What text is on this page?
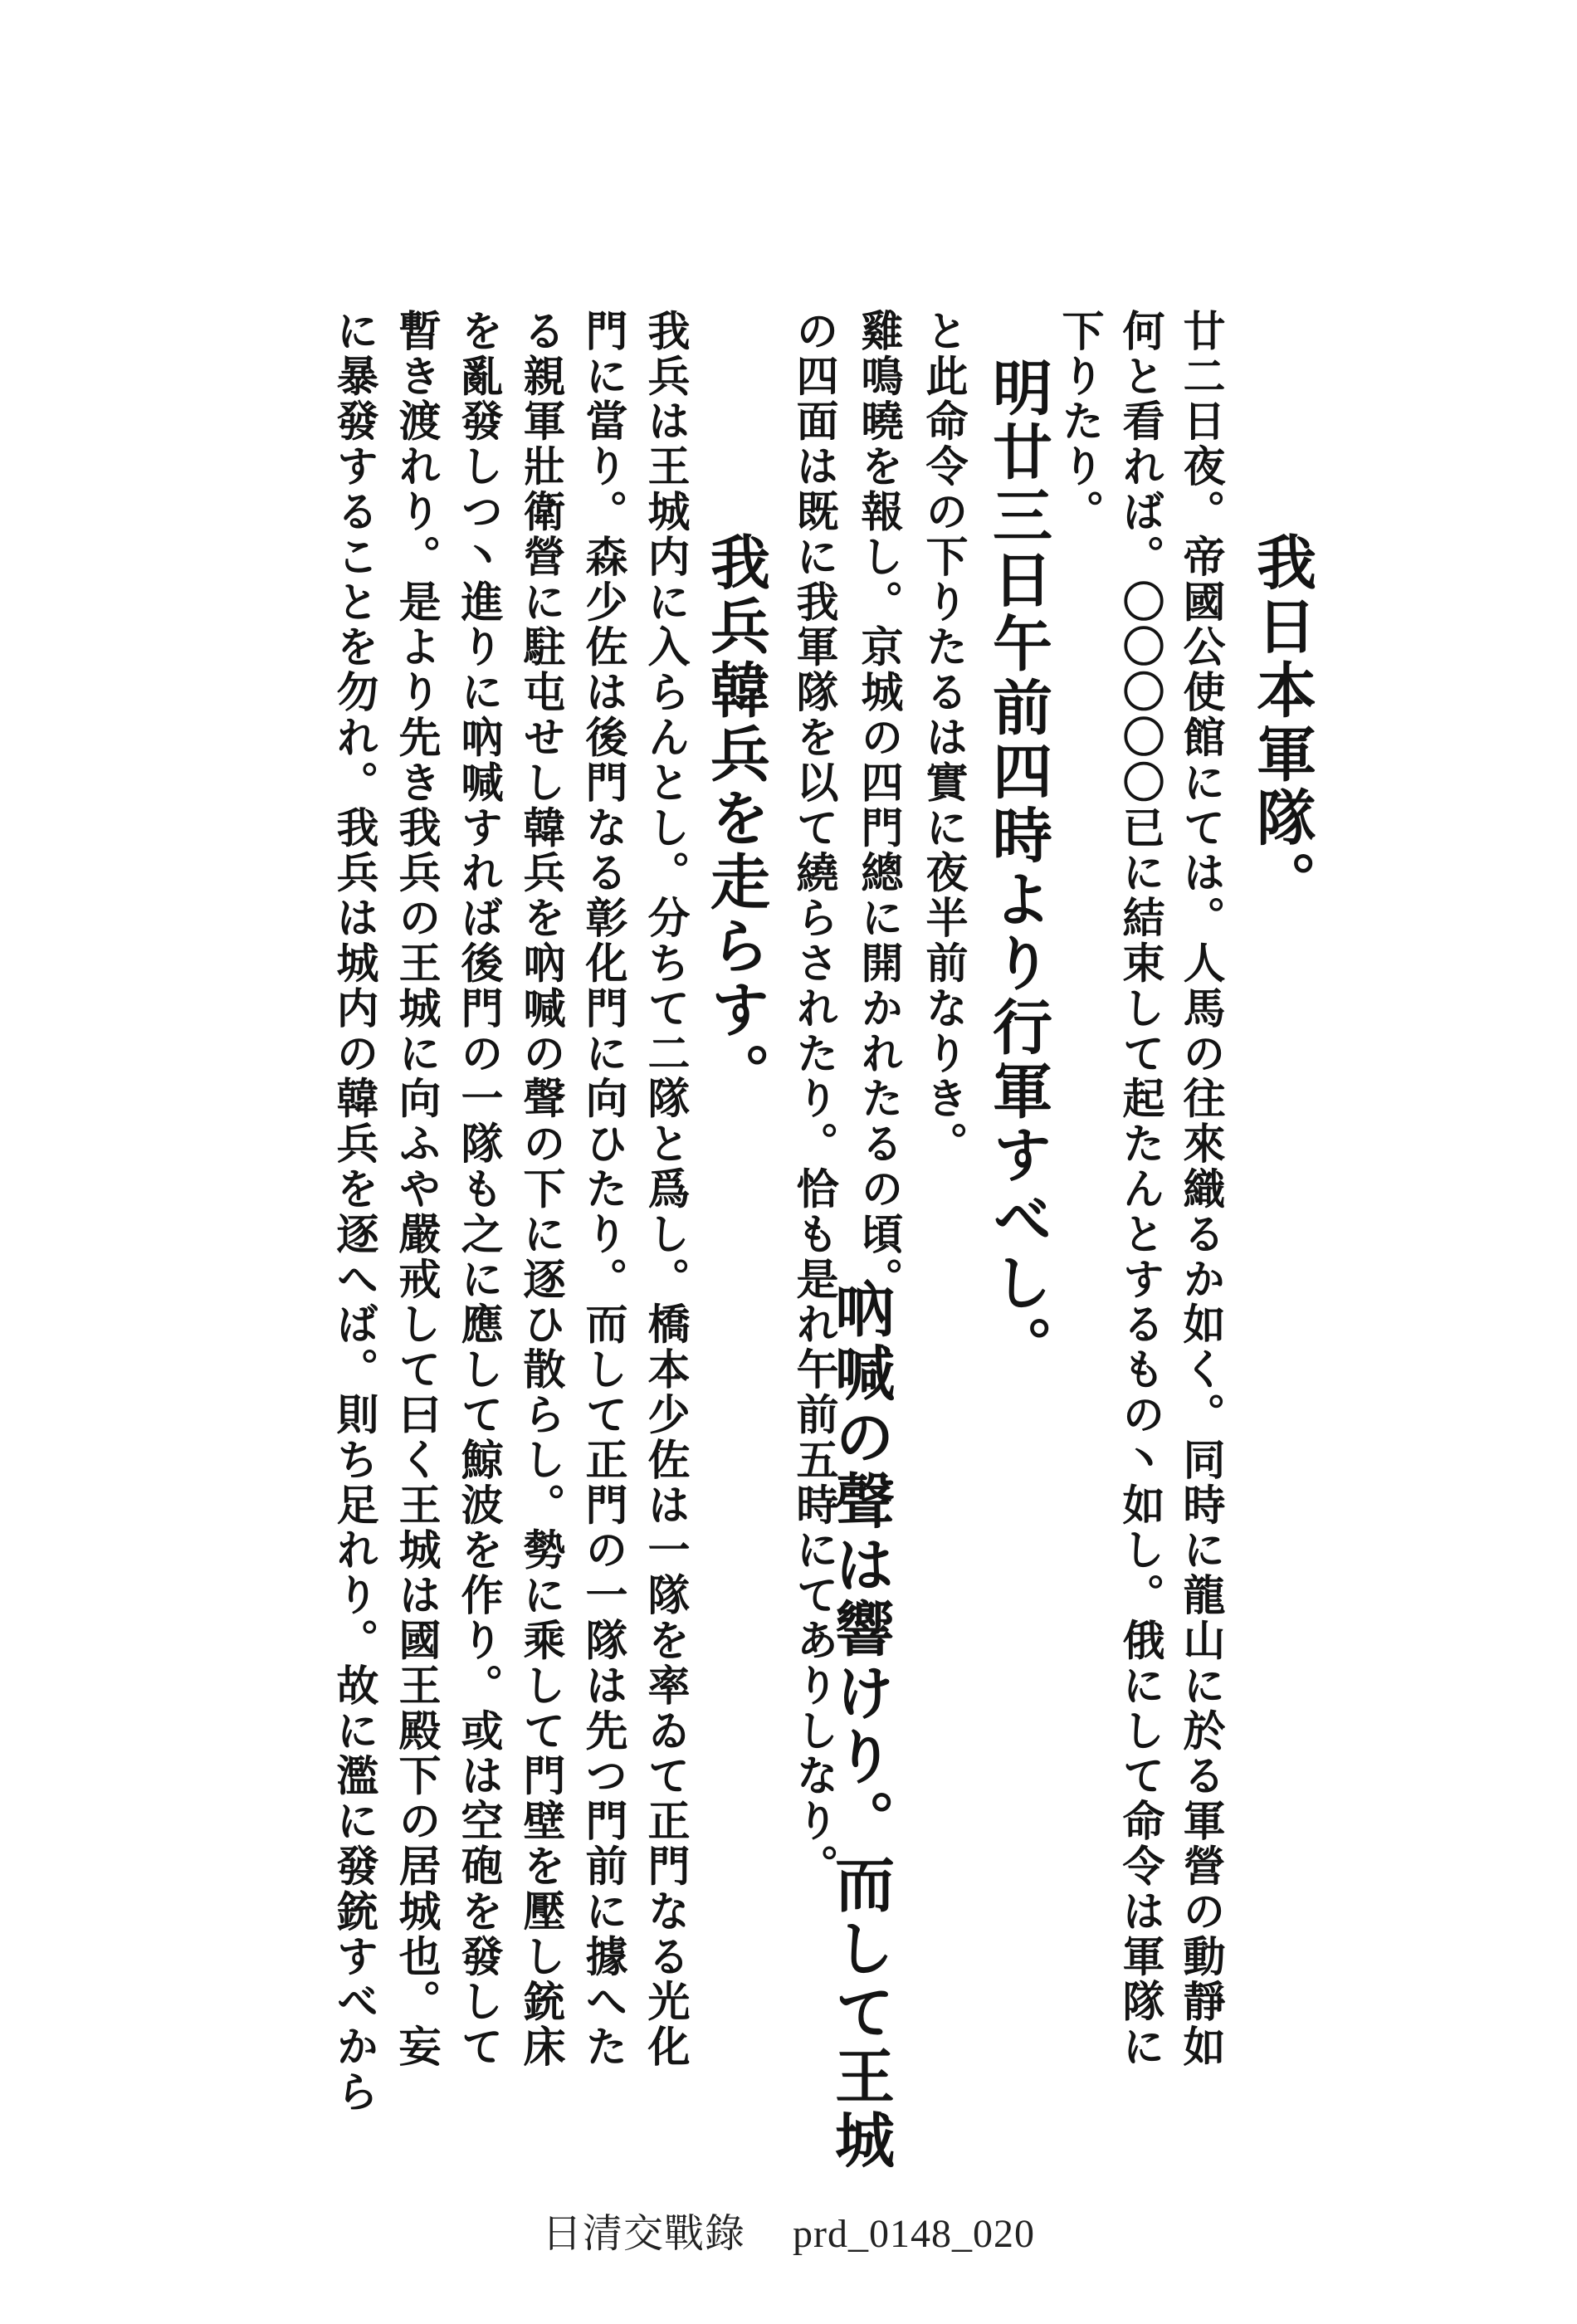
廿二日夜。帝國公使館にては。人馬の往來織るか如く。同時に龍山に於る軍營の動靜如
何と看れば。〇〇〇〇〇已に結束して起たんとするもの丶如し。俄にして命令は軍隊に
下りたり。
我日本軍隊。
明廿三日午前四時より行軍すべし。
と此命令の下りたるは實に夜半前なりき。
雞鳴曉を報し。京城の四門總に開かれたるの頃。
の四面は既に我軍隊を以て繞らされたり。恰も是れ午前五時にてありしなり。
吶喊の聲は響けり。而して王城
我兵韓兵を走らす。
我兵は王城内に入らんとし。分ちて二隊と爲し。橋本少佐は一隊を率ゐて正門なる光化
門に當り。森少佐は後門なる彰化門に向ひたり。而して正門の一隊は先つ門前に據へた
る親軍壯衛營に駐屯せし韓兵を吶喊の聲の下に逐ひ散らし。勢に乘して門壁を壓し銃床
を亂發しつ丶進りに吶喊すれば後門の一隊も之に應して鯨波を作り。或は空砲を發して
暫き渡れり。是より先き我兵の王城に向ふや嚴戒して曰く王城は國王殿下の居城也。妄
に暴發することを勿れ。我兵は城内の韓兵を逐へば。則ち足れり。故に濫に發銃すべから
日清交戰錄 prd_0148_020
